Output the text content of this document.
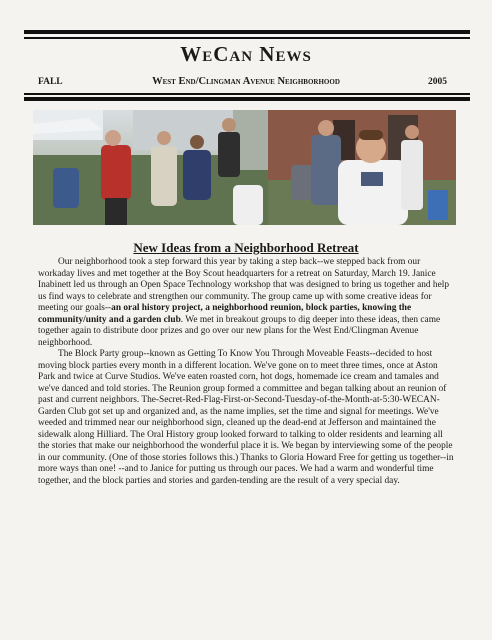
WeCan News
FALL	West End/Clingman Avenue Neighborhood	2005
New Ideas from a Neighborhood Retreat

Our neighborhood took a step forward this year by taking a step back--we stepped back from our workaday lives and met together at the Boy Scout headquarters for a retreat on Saturday, March 19. Janice Inabinett led us through an Open Space Technology workshop that was designed to bring us together and help us find ways to celebrate and strengthen our community. The group came up with some creative ideas for meeting our goals--an oral history project, a neighborhood reunion, block parties, knowing the community/unity and a garden club. We met in breakout groups to dig deeper into these ideas, then came together again to distribute door prizes and go over our new plans for the West End/Clingman Avenue neighborhood.

The Block Party group--known as Getting To Know You Through Moveable Feasts--decided to host moving block parties every month in a different location. We've gone on to meet three times, once at Aston Park and twice at Curve Studios. We've eaten roasted corn, hot dogs, homemade ice cream and tamales and we've danced and told stories. The Reunion group formed a committee and began talking about an reunion of past and current neighbors. The-Secret-Red-Flag-First-or-Second-Tuesday-of-the-Month-at-5:30-WECAN-Garden Club got set up and organized and, as the name implies, set the time and signal for meetings. We've weeded and trimmed near our neighborhood sign, cleaned up the dead-end at Jefferson and maintained the sidewalk along Hilliard. The Oral History group looked forward to talking to older residents and learning all the stories that make our neighborhood the wonderful place it is. We began by interviewing some of the people in our community. (One of those stories follows this.) Thanks to Gloria Howard Free for getting us together--in more ways than one! --and to Janice for putting us through our paces. We had a warm and wonderful time together, and the block parties and stories and garden-tending are the result of a very special day.
